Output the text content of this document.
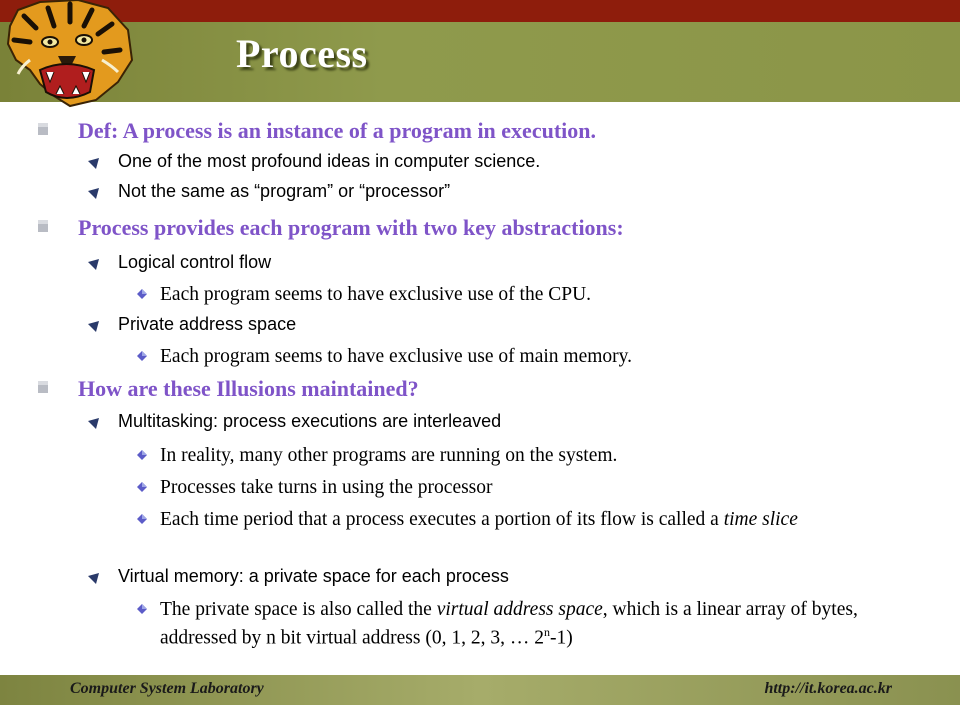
Process
Def: A process is an instance of a program in execution.
One of the most profound ideas in computer science.
Not the same as “program” or “processor”
Process provides each program with two key abstractions:
Logical control flow
Each program seems to have exclusive use of the CPU.
Private address space
Each program seems to have exclusive use of main memory.
How are these Illusions maintained?
Multitasking: process executions are interleaved
In reality, many other programs are running on the system.
Processes take turns in using the processor
Each time period that a process executes a portion of its flow is called a time slice
Virtual memory: a private space for each process
The private space is also called the virtual address space, which is a linear array of bytes, addressed by n bit virtual address (0, 1, 2, 3, … 2$^n$-1)
Computer System Laboratory	http://it.korea.ac.kr
